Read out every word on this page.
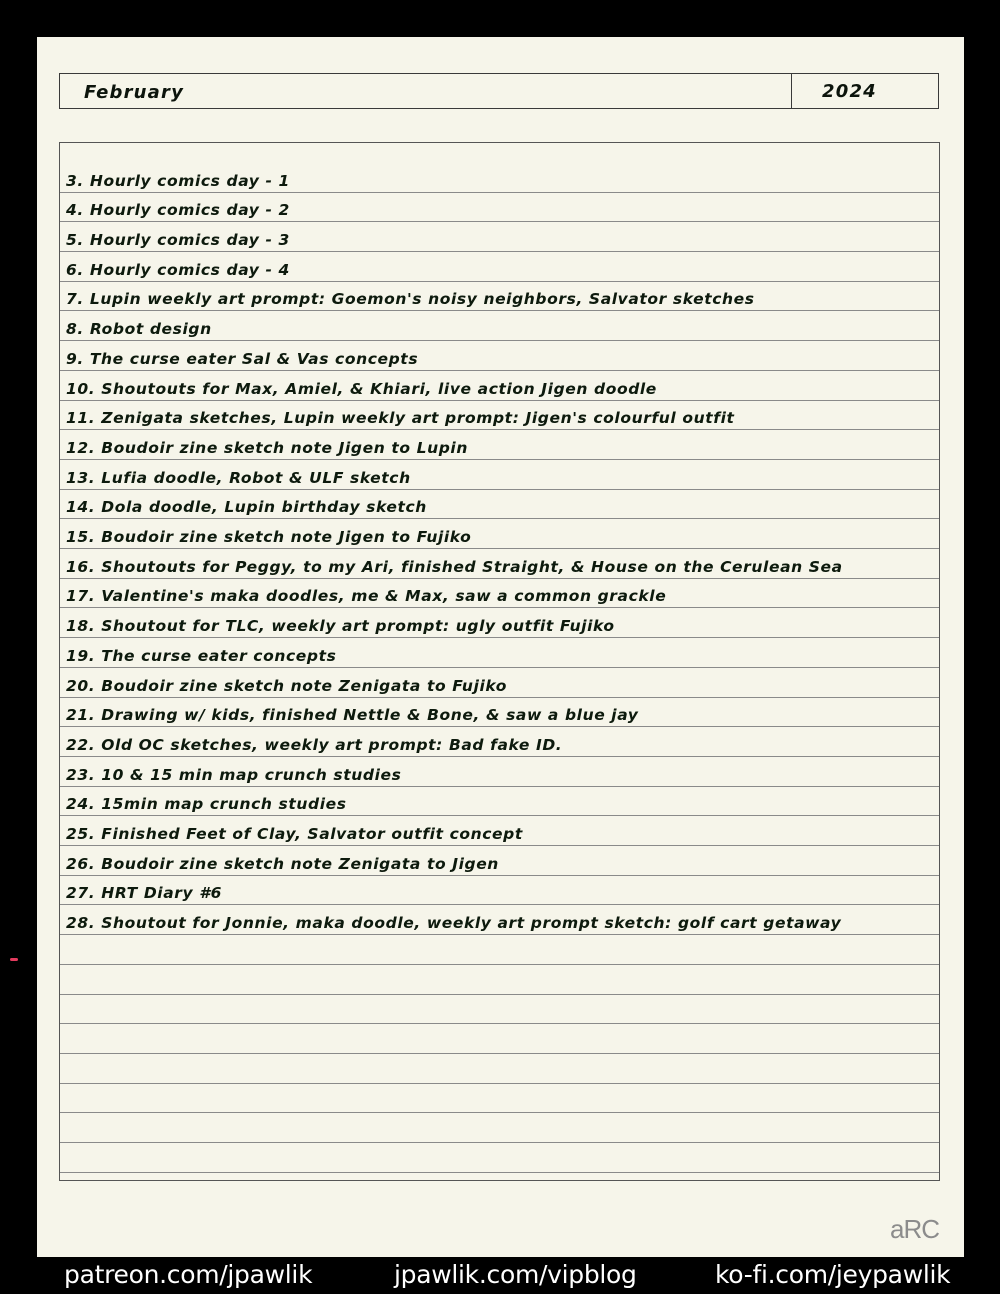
February	2024
3. Hourly comics day - 1
4. Hourly comics day - 2
5. Hourly comics day - 3
6. Hourly comics day - 4
7. Lupin weekly art prompt: Goemon's noisy neighbors, Salvator sketches
8. Robot design
9. The curse eater Sal & Vas concepts
10. Shoutouts for Max, Amiel, & Khiari, live action Jigen doodle
11. Zenigata sketches, Lupin weekly art prompt: Jigen's colourful outfit
12. Boudoir zine sketch note Jigen to Lupin
13. Lufia doodle, Robot & ULF sketch
14. Dola doodle, Lupin birthday sketch
15. Boudoir zine sketch note Jigen to Fujiko
16. Shoutouts for Peggy, to my Ari, finished Straight, & House on the Cerulean Sea
17. Valentine's maka doodles, me & Max, saw a common grackle
18. Shoutout for TLC, weekly art prompt: ugly outfit Fujiko
19. The curse eater concepts
20. Boudoir zine sketch note Zenigata to Fujiko
21. Drawing w/ kids, finished Nettle & Bone, & saw a blue jay
22. Old OC sketches, weekly art prompt: Bad fake ID.
23. 10 & 15 min map crunch studies
24. 15min map crunch studies
25. Finished Feet of Clay, Salvator outfit concept
26. Boudoir zine sketch note Zenigata to Jigen
27. HRT Diary #6
28. Shoutout for Jonnie, maka doodle, weekly art prompt sketch: golf cart getaway
aRC
patreon.com/jpawlik	jpawlik.com/vipblog	ko-fi.com/jeypawlik
